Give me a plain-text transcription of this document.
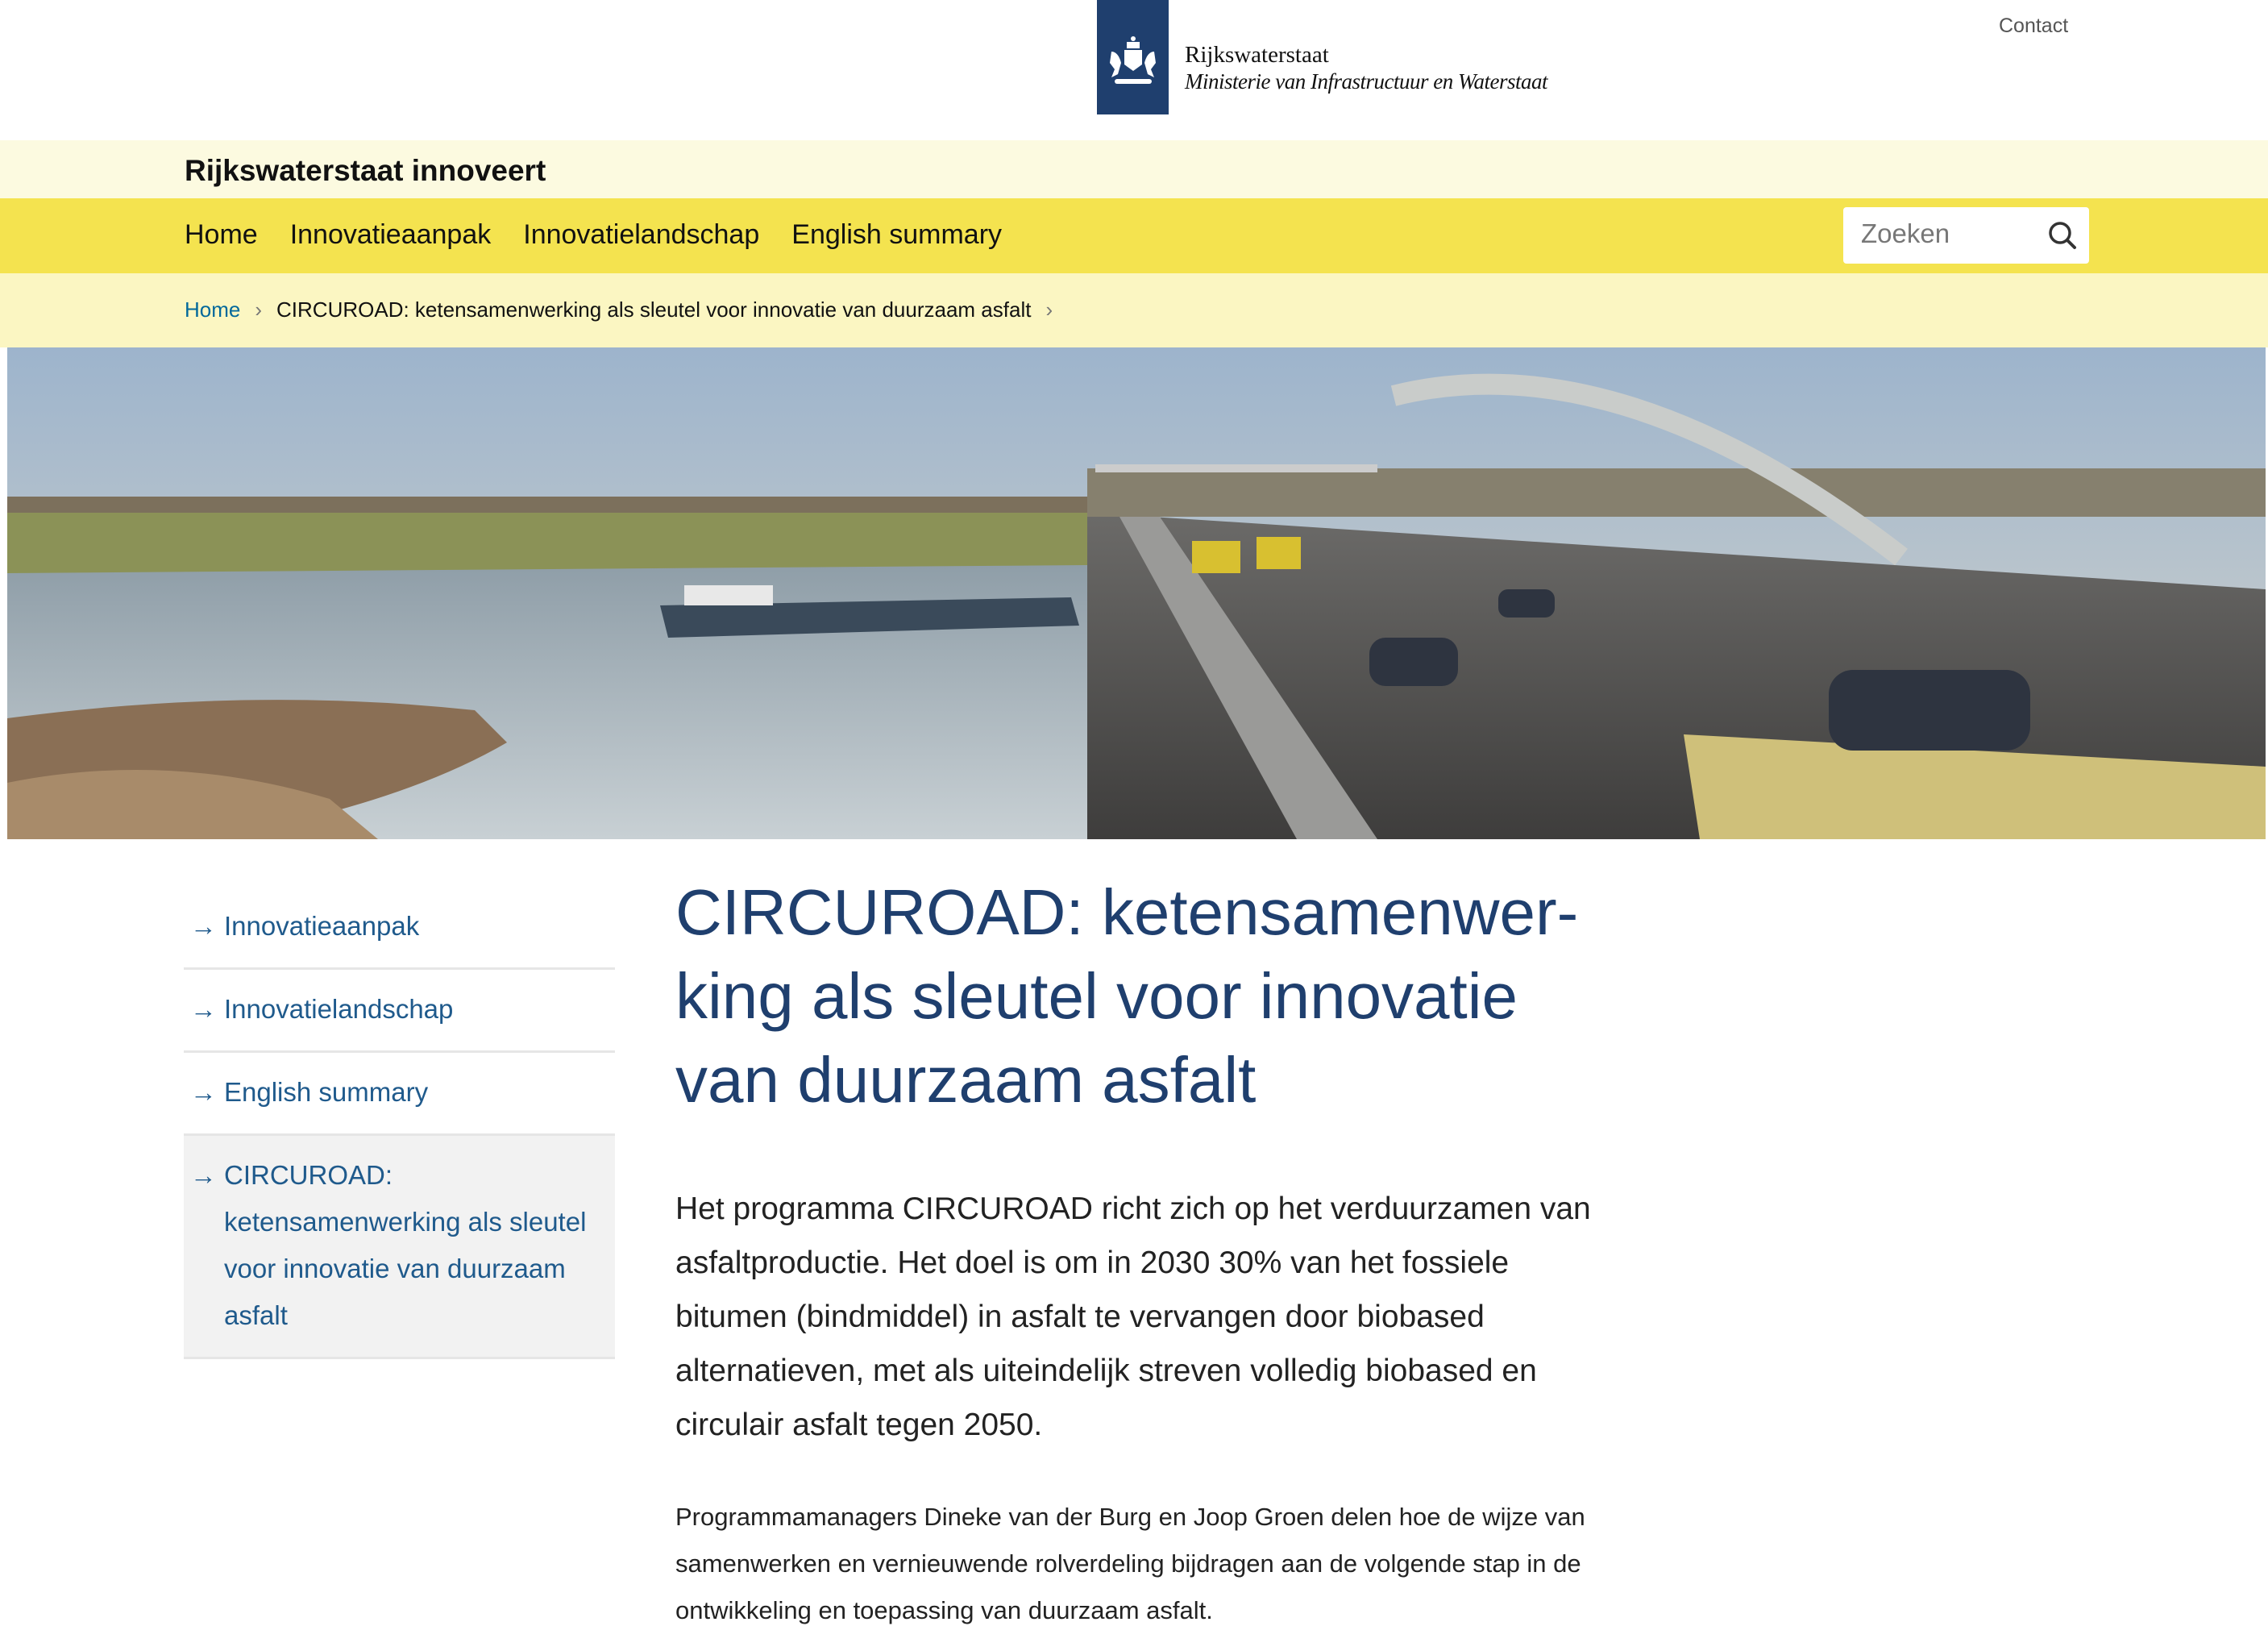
Rijkswaterstaat
Ministerie van Infrastructuur en Waterstaat
Contact
Rijkswaterstaat innoveert
Home Innovatieaanpak Innovatielandschap English summary
Zoeken
Home › CIRCUROAD: ketensamenwerking als sleutel voor innovatie van duurzaam asfalt ›
→ Innovatieaanpak
→ Innovatielandschap
→ English summary
→ CIRCUROAD: ketensamenwerking als sleutel voor innovatie van duurzaam asfalt
CIRCUROAD: ketensamenwer-
king als sleutel voor innovatie
van duurzaam asfalt

Het programma CIRCUROAD richt zich op het verduurzamen van asfaltproductie. Het doel is om in 2030 30% van het fossiele bitumen (bindmiddel) in asfalt te vervangen door biobased alternatieven, met als uiteindelijk streven volledig biobased en circulair asfalt tegen 2050.

Programmamanagers Dineke van der Burg en Joop Groen delen hoe de wijze van samenwerken en vernieuwende rolverdeling bijdragen aan de volgende stap in de ontwikkeling en toepassing van duurzaam asfalt.
